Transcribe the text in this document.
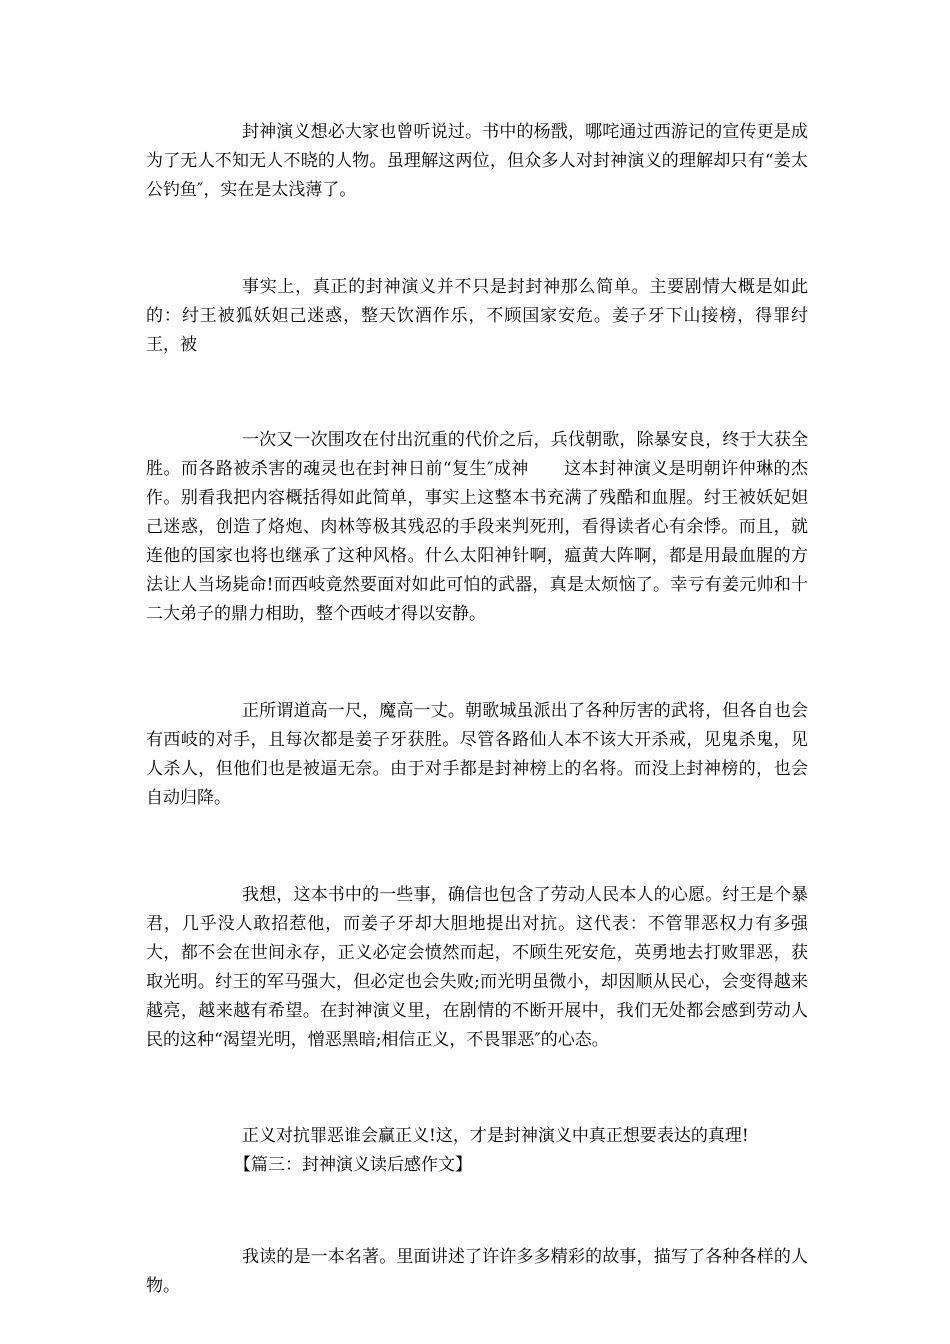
封神演义想必大家也曾听说过。书中的杨戬，哪咤通过西游记的宣传更是成为了无人不知无人不晓的人物。虽理解这两位，但众多人对封神演义的理解却只有“姜太公钓鱼″，实在是太浅薄了。

事实上，真正的封神演义并不只是封封神那么简单。主要剧情大概是如此的：纣王被狐妖妲己迷惑，整天饮酒作乐，不顾国家安危。姜子牙下山接榜，得罪纣王，被

一次又一次围攻在付出沉重的代价之后，兵伐朝歌，除暴安良，终于大获全胜。而各路被杀害的魂灵也在封神日前“复生″成神      这本封神演义是明朝许仲琳的杰作。别看我把内容概括得如此简单，事实上这整本书充满了残酷和血腥。纣王被妖妃妲己迷惑，创造了烙炮、肉林等极其残忍的手段来判死刑，看得读者心有余悸。而且，就连他的国家也将也继承了这种风格。什么太阳神针啊，瘟黄大阵啊，都是用最血腥的方法让人当场毙命!而西岐竟然要面对如此可怕的武器，真是太烦恼了。幸亏有姜元帅和十二大弟子的鼎力相助，整个西岐才得以安静。

正所谓道高一尺，魔高一丈。朝歌城虽派出了各种厉害的武将，但各自也会有西岐的对手，且每次都是姜子牙获胜。尽管各路仙人本不该大开杀戒，见鬼杀鬼，见人杀人，但他们也是被逼无奈。由于对手都是封神榜上的名将。而没上封神榜的，也会自动归降。

我想，这本书中的一些事，确信也包含了劳动人民本人的心愿。纣王是个暴君，几乎没人敢招惹他，而姜子牙却大胆地提出对抗。这代表：不管罪恶权力有多强大，都不会在世间永存，正义必定会愤然而起，不顾生死安危，英勇地去打败罪恶，获取光明。纣王的军马强大，但必定也会失败;而光明虽微小，却因顺从民心，会变得越来越亮，越来越有希望。在封神演义里，在剧情的不断开展中，我们无处都会感到劳动人民的这种“渴望光明，憎恶黑暗;相信正义，不畏罪恶″的心态。

正义对抗罪恶谁会赢正义!这，才是封神演义中真正想要表达的真理!

【篇三：封神演义读后感作文】

我读的是一本名著。里面讲述了许许多多精彩的故事，描写了各种各样的人物。
